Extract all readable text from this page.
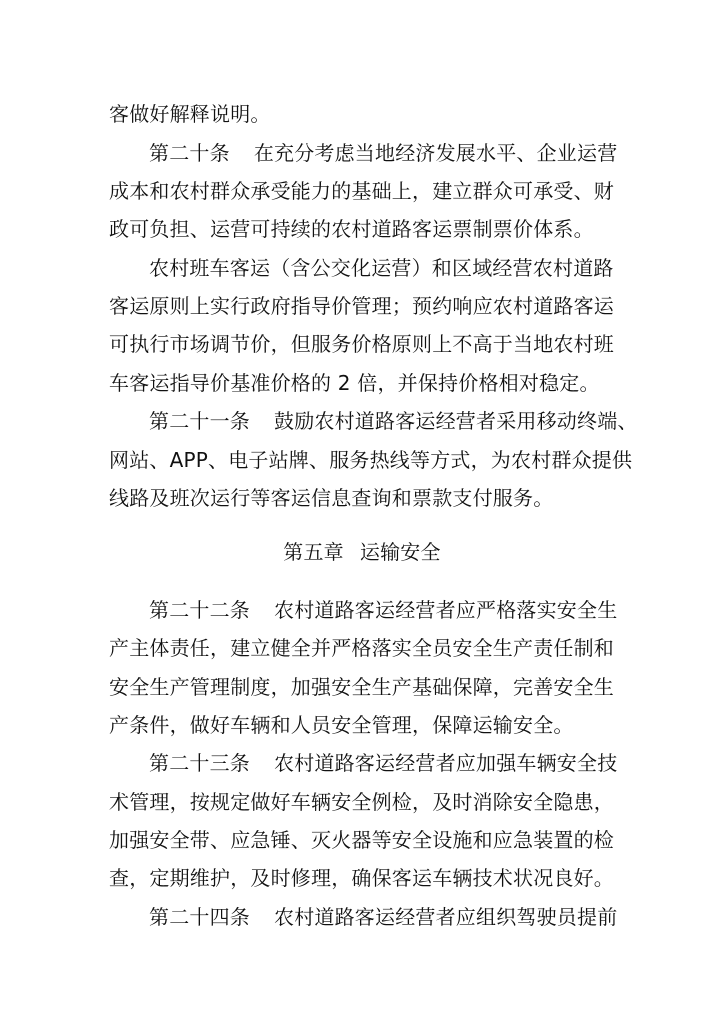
客做好解释说明。
第二十条 在充分考虑当地经济发展水平、企业运营
成本和农村群众承受能力的基础上，建立群众可承受、财
政可负担、运营可持续的农村道路客运票制票价体系。
农村班车客运（含公交化运营）和区域经营农村道路
客运原则上实行政府指导价管理；预约响应农村道路客运
可执行市场调节价，但服务价格原则上不高于当地农村班
车客运指导价基准价格的 2 倍，并保持价格相对稳定。
第二十一条 鼓励农村道路客运经营者采用移动终端、
网站、APP、电子站牌、服务热线等方式，为农村群众提供
线路及班次运行等客运信息查询和票款支付服务。
第五章 运输安全
第二十二条 农村道路客运经营者应严格落实安全生
产主体责任，建立健全并严格落实全员安全生产责任制和
安全生产管理制度，加强安全生产基础保障，完善安全生
产条件，做好车辆和人员安全管理，保障运输安全。
第二十三条 农村道路客运经营者应加强车辆安全技
术管理，按规定做好车辆安全例检，及时消除安全隐患，
加强安全带、应急锤、灭火器等安全设施和应急装置的检
查，定期维护，及时修理，确保客运车辆技术状况良好。
第二十四条 农村道路客运经营者应组织驾驶员提前
